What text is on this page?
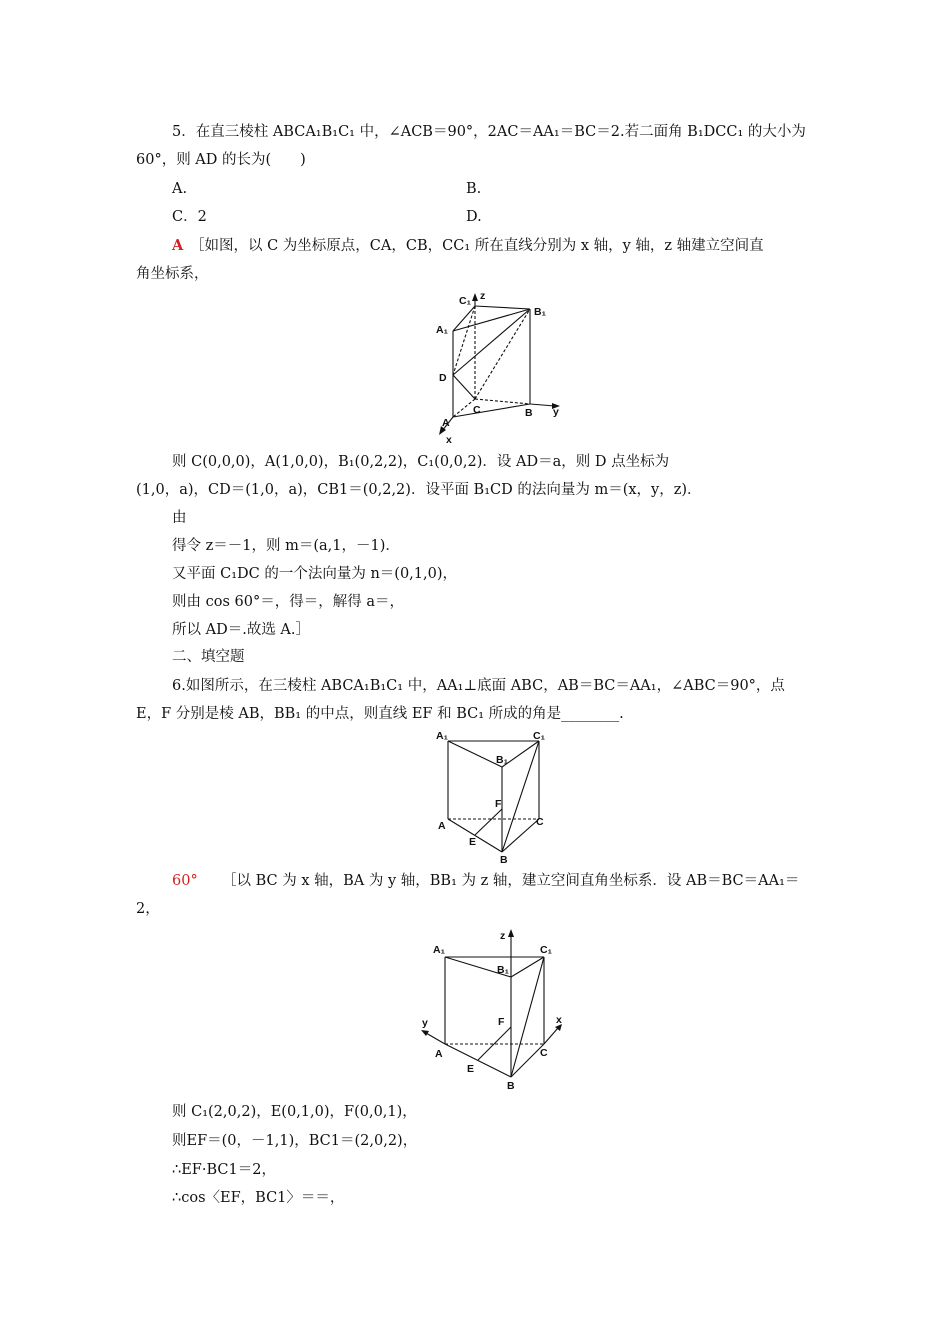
5．在直三棱柱 ABCA₁B₁C₁ 中，∠ACB＝90°，2AC＝AA₁＝BC＝2.若二面角 B₁DCC₁ 的大小为
60°，则 AD 的长为(　　)
A.	B.
C．2	D.
A ［如图，以 C 为坐标原点，CA，CB，CC₁ 所在直线分别为 x 轴，y 轴，z 轴建立空间直
角坐标系，
C₁ z
B₁
A₁
D
C
A
B y
x
则 C(0,0,0)，A(1,0,0)，B₁(0,2,2)，C₁(0,0,2)．设 AD＝a，则 D 点坐标为
(1,0，a)，CD＝(1,0，a)，CB1＝(0,2,2)．设平面 B₁CD 的法向量为 m＝(x，y，z)．
由
得令 z＝－1，则 m＝(a,1，－1)．
又平面 C₁DC 的一个法向量为 n＝(0,1,0)，
则由 cos 60°＝，得＝，解得 a＝，
所以 AD＝.故选 A.］
二、填空题
6.如图所示，在三棱柱 ABCA₁B₁C₁ 中，AA₁⊥底面 ABC，AB＝BC＝AA₁，∠ABC＝90°，点
E，F 分别是棱 AB，BB₁ 的中点，则直线 EF 和 BC₁ 所成的角是________.
A₁	C₁
B₁
F
A	C
E
B
60° ［以 BC 为 x 轴，BA 为 y 轴，BB₁ 为 z 轴，建立空间直角坐标系．设 AB＝BC＝AA₁＝
2，
z
A₁	C₁
B₁
y	x
F
A	C
E
B
则 C₁(2,0,2)，E(0,1,0)，F(0,0,1)，
则EF＝(0，－1,1)，BC1＝(2,0,2)，
∴EF·BC1＝2，
∴cos〈EF，BC1〉＝＝，
